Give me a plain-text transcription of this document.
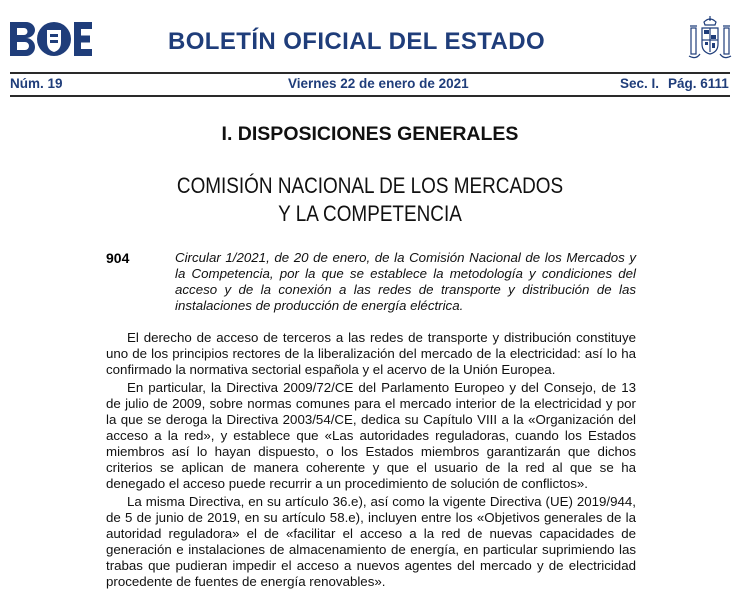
BOLETÍN OFICIAL DEL ESTADO
Núm. 19	Viernes 22 de enero de 2021	Sec. I. Pág. 6111
I. DISPOSICIONES GENERALES
COMISIÓN NACIONAL DE LOS MERCADOS
Y LA COMPETENCIA
904	Circular 1/2021, de 20 de enero, de la Comisión Nacional de los Mercados y la Competencia, por la que se establece la metodología y condiciones del acceso y de la conexión a las redes de transporte y distribución de las instalaciones de producción de energía eléctrica.

El derecho de acceso de terceros a las redes de transporte y distribución constituye uno de los principios rectores de la liberalización del mercado de la electricidad: así lo ha confirmado la normativa sectorial española y el acervo de la Unión Europea.

En particular, la Directiva 2009/72/CE del Parlamento Europeo y del Consejo, de 13 de julio de 2009, sobre normas comunes para el mercado interior de la electricidad y por la que se deroga la Directiva 2003/54/CE, dedica su Capítulo VIII a la «Organización del acceso a la red», y establece que «Las autoridades reguladoras, cuando los Estados miembros así lo hayan dispuesto, o los Estados miembros garantizarán que dichos criterios se aplican de manera coherente y que el usuario de la red al que se ha denegado el acceso puede recurrir a un procedimiento de solución de conflictos».

La misma Directiva, en su artículo 36.e), así como la vigente Directiva (UE) 2019/944, de 5 de junio de 2019, en su artículo 58.e), incluyen entre los «Objetivos generales de la autoridad reguladora» el de «facilitar el acceso a la red de nuevas capacidades de generación e instalaciones de almacenamiento de energía, en particular suprimiendo las trabas que pudieran impedir el acceso a nuevos agentes del mercado y de electricidad procedente de fuentes de energía renovables».
